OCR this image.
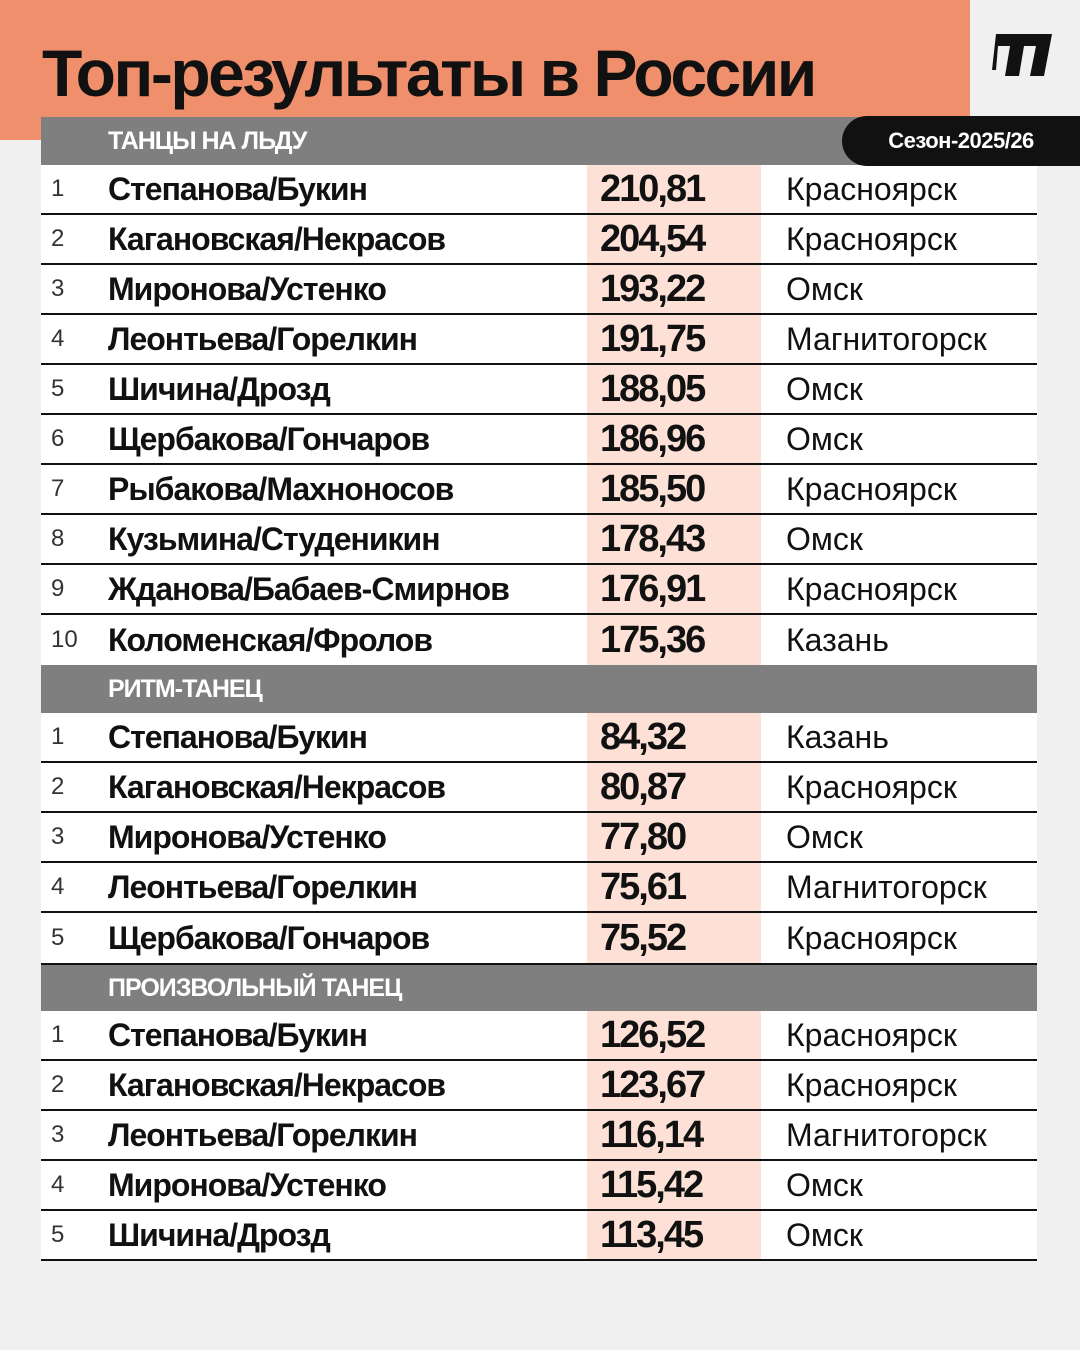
Топ-результаты в России
Сезон-2025/26
ТАНЦЫ НА ЛЬДУ
1	Степанова/Букин	210,81	Красноярск
2	Кагановская/Некрасов	204,54	Красноярск
3	Миронова/Устенко	193,22	Омск
4	Леонтьева/Горелкин	191,75	Магнитогорск
5	Шичина/Дрозд	188,05	Омск
6	Щербакова/Гончаров	186,96	Омск
7	Рыбакова/Махноносов	185,50	Красноярск
8	Кузьмина/Студеникин	178,43	Омск
9	Жданова/Бабаев-Смирнов	176,91	Красноярск
10 Коломенская/Фролов	175,36	Казань
РИТМ-ТАНЕЦ
1	Степанова/Букин	84,32	Казань
2	Кагановская/Некрасов	80,87	Красноярск
3	Миронова/Устенко	77,80	Омск
4	Леонтьева/Горелкин	75,61	Магнитогорск
5	Щербакова/Гончаров	75,52	Красноярск
ПРОИЗВОЛЬНЫЙ ТАНЕЦ
1	Степанова/Букин	126,52	Красноярск
2	Кагановская/Некрасов	123,67	Красноярск
3	Леонтьева/Горелкин	116,14	Магнитогорск
4	Миронова/Устенко	115,42	Омск
5	Шичина/Дрозд	113,45	Омск
